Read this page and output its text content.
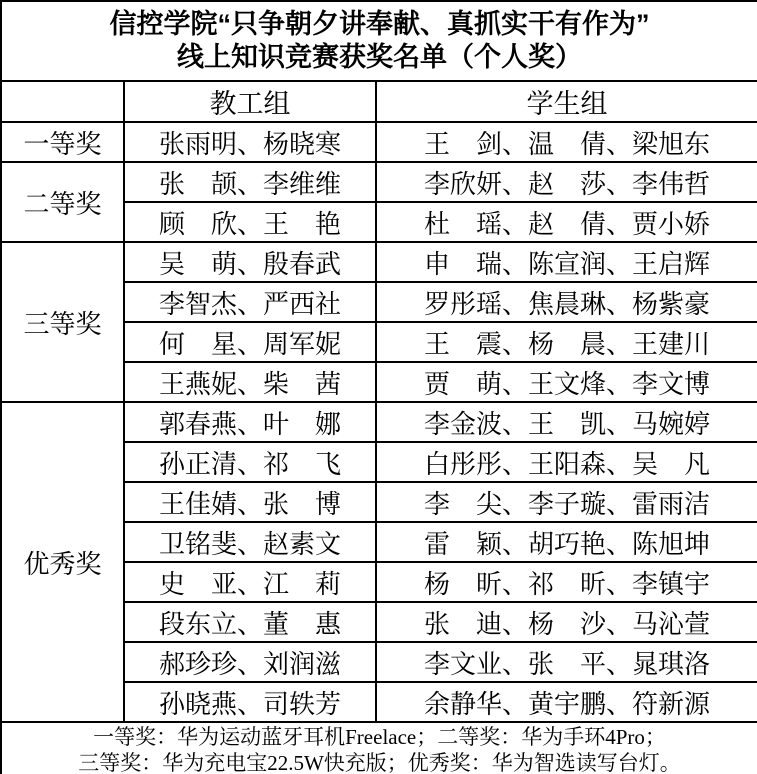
信控学院“只争朝夕讲奉献、真抓实干有作为”
线上知识竞赛获奖名单（个人奖）		

	教工组	学生组
一等奖	张雨明、杨晓寒	王　剑、温　倩、梁旭东
二等奖	张　颉、李维维	李欣妍、赵　莎、李伟哲
	顾　欣、王　艳	杜　瑶、赵　倩、贾小娇
三等奖	吴　萌、殷春武	申　瑞、陈宣润、王启辉
	李智杰、严西社	罗彤瑶、焦晨琳、杨紫豪
	何　星、周军妮	王　震、杨　晨、王建川
	王燕妮、柴　茜	贾　萌、王文烽、李文博
优秀奖	郭春燕、叶　娜	李金波、王　凯、马婉婷
	孙正清、祁　飞	白彤彤、王阳森、吴　凡
	王佳婧、张　博	李　尖、李子璇、雷雨洁
	卫铭斐、赵素文	雷　颖、胡巧艳、陈旭坤
	史　亚、江　莉	杨　昕、祁　昕、李镇宇
	段东立、董　惠	张　迪、杨　沙、马沁萱
	郝珍珍、刘润滋	李文业、张　平、晁琪洛
	孙晓燕、司轶芳	余静华、黄宇鹏、符新源

一等奖：华为运动蓝牙耳机Freelace；二等奖：华为手环4Pro；
三等奖：华为充电宝22.5W快充版；优秀奖：华为智选读写台灯。		
